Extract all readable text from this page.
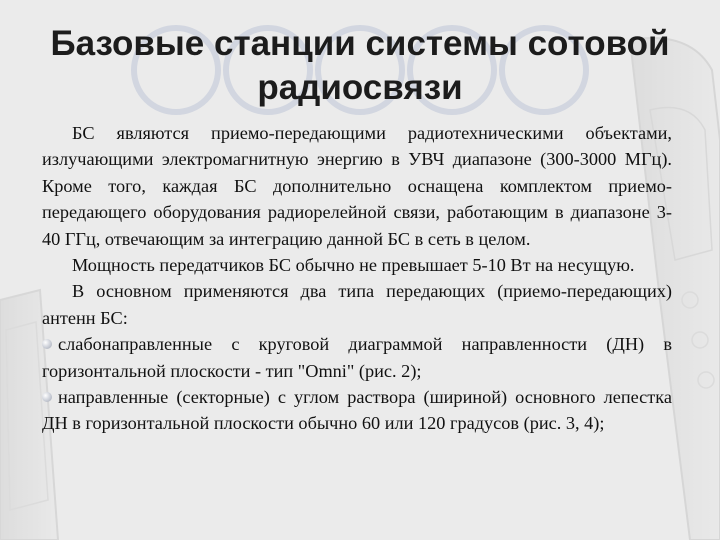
Базовые станции системы сотовой
радиосвязи

БС являются приемо-передающими радиотехническими объектами, излучающими электромагнитную энергию в УВЧ диапазоне (300-3000 МГц). Кроме того, каждая БС дополнительно оснащена комплектом приемо-передающего оборудования радиорелейной связи, работающим в диапазоне 3-40 ГГц, отвечающим за интеграцию данной БС в сеть в целом.

Мощность передатчиков БС обычно не превышает 5-10 Вт на несущую.

В основном применяются два типа передающих (приемо-передающих) антенн БС:

слабонаправленные с круговой диаграммой направленности (ДН) в горизонтальной плоскости - тип "Omni" (рис. 2);

направленные (секторные) с углом раствора (шириной) основного лепестка ДН в горизонтальной плоскости обычно 60 или 120 градусов (рис. 3, 4);
